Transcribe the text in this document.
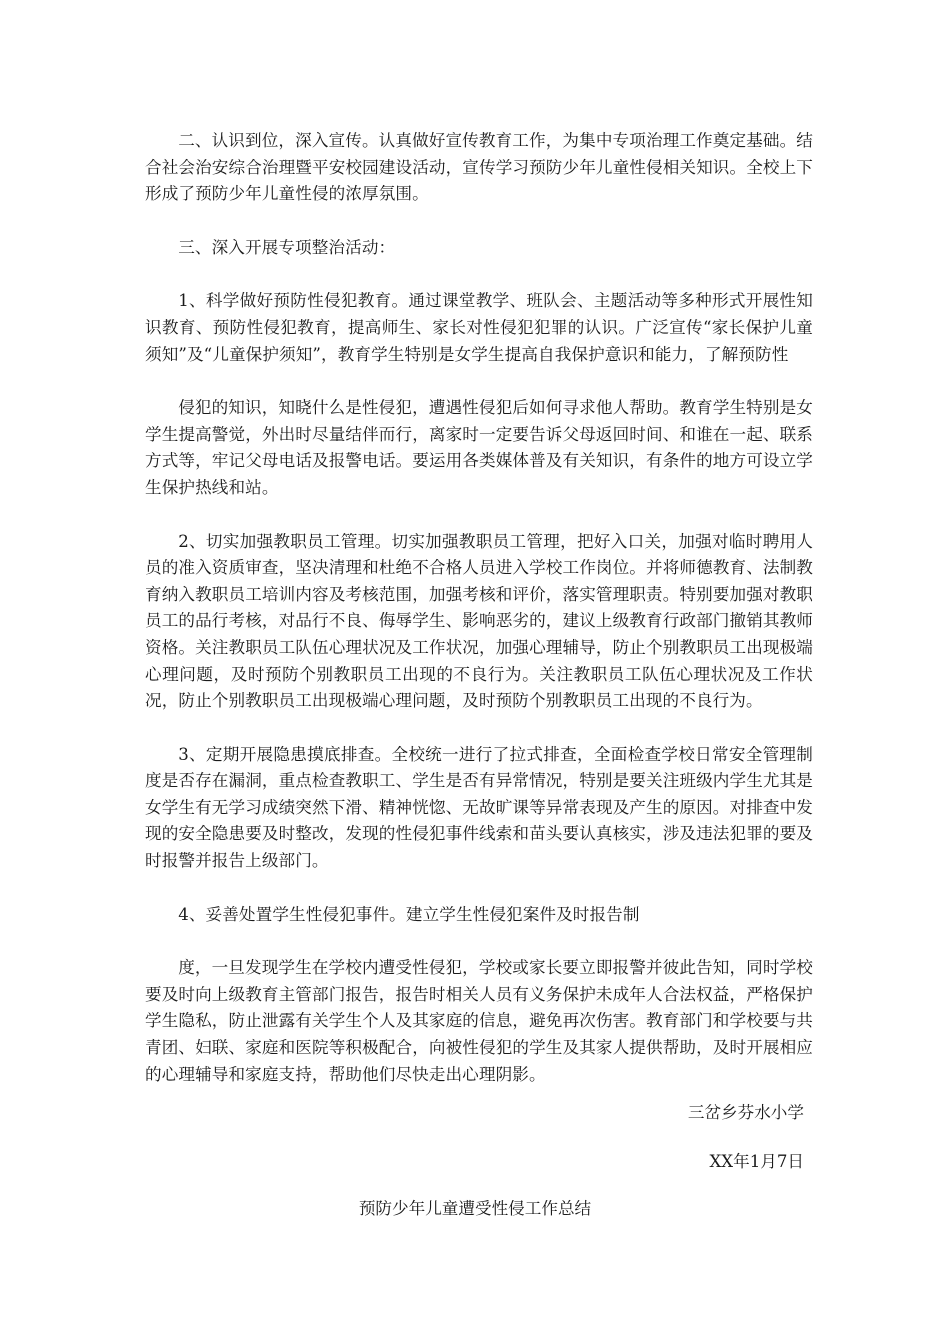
二、认识到位，深入宣传。认真做好宣传教育工作，为集中专项治理工作奠定基础。结合社会治安综合治理暨平安校园建设活动，宣传学习预防少年儿童性侵相关知识。全校上下形成了预防少年儿童性侵的浓厚氛围。

三、深入开展专项整治活动：

1、科学做好预防性侵犯教育。通过课堂教学、班队会、主题活动等多种形式开展性知识教育、预防性侵犯教育，提高师生、家长对性侵犯犯罪的认识。广泛宣传“家长保护儿童须知”及“儿童保护须知”，教育学生特别是女学生提高自我保护意识和能力，了解预防性

侵犯的知识，知晓什么是性侵犯，遭遇性侵犯后如何寻求他人帮助。教育学生特别是女学生提高警觉，外出时尽量结伴而行，离家时一定要告诉父母返回时间、和谁在一起、联系方式等，牢记父母电话及报警电话。要运用各类媒体普及有关知识，有条件的地方可设立学生保护热线和站。

2、切实加强教职员工管理。切实加强教职员工管理，把好入口关，加强对临时聘用人员的准入资质审查，坚决清理和杜绝不合格人员进入学校工作岗位。并将师德教育、法制教育纳入教职员工培训内容及考核范围，加强考核和评价，落实管理职责。特别要加强对教职员工的品行考核，对品行不良、侮辱学生、影响恶劣的，建议上级教育行政部门撤销其教师资格。关注教职员工队伍心理状况及工作状况，加强心理辅导，防止个别教职员工出现极端心理问题，及时预防个别教职员工出现的不良行为。关注教职员工队伍心理状况及工作状况，防止个别教职员工出现极端心理问题，及时预防个别教职员工出现的不良行为。

3、定期开展隐患摸底排查。全校统一进行了拉式排查，全面检查学校日常安全管理制度是否存在漏洞，重点检查教职工、学生是否有异常情况，特别是要关注班级内学生尤其是女学生有无学习成绩突然下滑、精神恍惚、无故旷课等异常表现及产生的原因。对排查中发现的安全隐患要及时整改，发现的性侵犯事件线索和苗头要认真核实，涉及违法犯罪的要及时报警并报告上级部门。

4、妥善处置学生性侵犯事件。建立学生性侵犯案件及时报告制

度，一旦发现学生在学校内遭受性侵犯，学校或家长要立即报警并彼此告知，同时学校要及时向上级教育主管部门报告，报告时相关人员有义务保护未成年人合法权益，严格保护学生隐私，防止泄露有关学生个人及其家庭的信息，避免再次伤害。教育部门和学校要与共青团、妇联、家庭和医院等积极配合，向被性侵犯的学生及其家人提供帮助，及时开展相应的心理辅导和家庭支持，帮助他们尽快走出心理阴影。

三岔乡芬水小学
XX年1月7日
预防少年儿童遭受性侵工作总结
